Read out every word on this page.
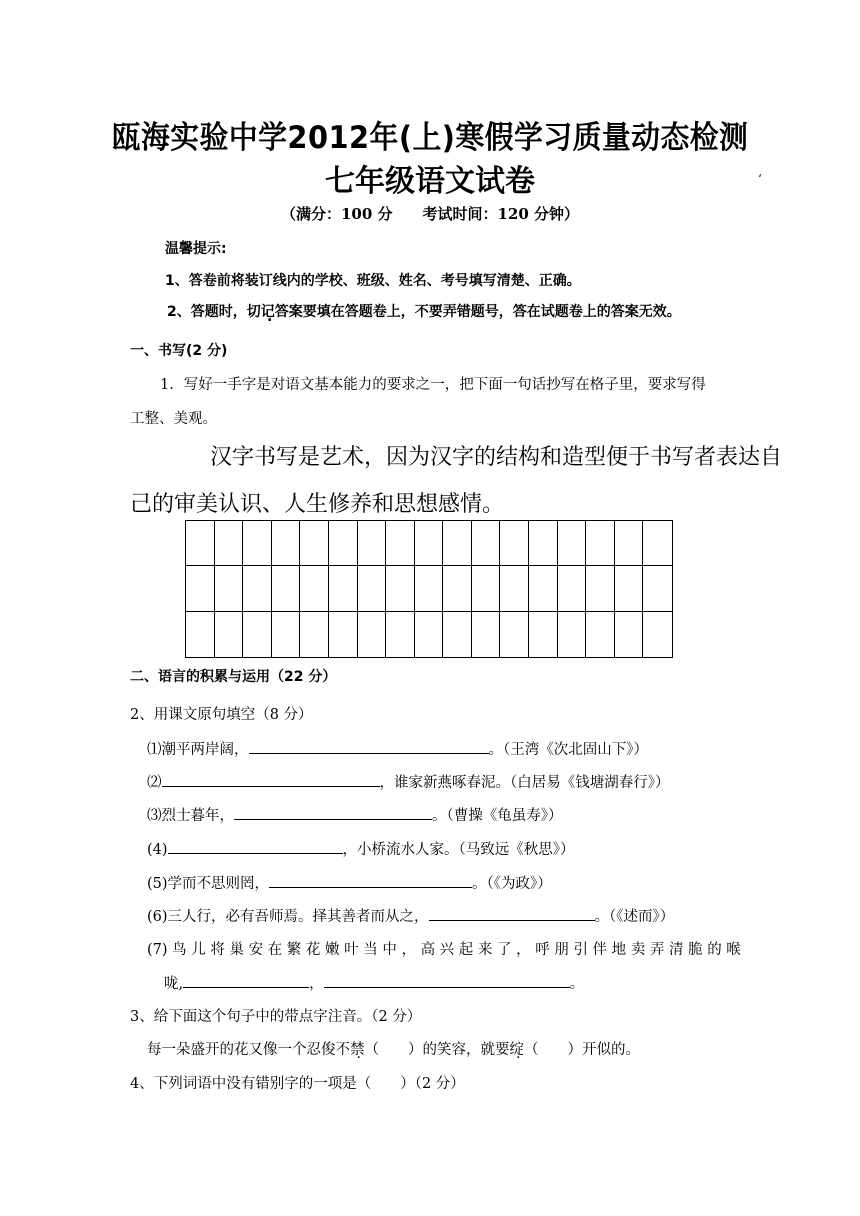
瓯海实验中学2012年(上)寒假学习质量动态检测
七年级语文试卷	‘
（满分：100 分　　考试时间：120 分钟）
温馨提示:
1、答卷前将装订线内的学校、班级、姓名、考号填写清楚、正确。
2、答题时，切记答案要填在答题卷上，不要弄错题号，答在试题卷上的答案无效。
一、书写(2 分)
1．写好一手字是对语文基本能力的要求之一，把下面一句话抄写在格子里，要求写得
工整、美观。
汉字书写是艺术，因为汉字的结构和造型便于书写者表达自
己的审美认识、人生修养和思想感情。
二、语言的积累与运用（22 分）
2、用课文原句填空（8 分）
⑴潮平两岸阔，	。（王湾《次北固山下》）
⑵	，谁家新燕啄春泥。（白居易《钱塘湖春行》）
⑶烈士暮年，	。（曹操《龟虽寿》）
(4)	，小桥流水人家。（马致远《秋思》）
(5)学而不思则罔，	。（《为政》）
(6)三人行，必有吾师焉。择其善者而从之，	。（《述而》）
(7) 鸟 儿 将 巢 安 在 繁 花 嫩 叶 当 中 ， 高 兴 起 来 了 ， 呼 朋 引 伴 地 卖 弄 清 脆 的 喉
咙,	，	。
3、给下面这个句子中的带点字注音。（2 分）
每一朵盛开的花又像一个忍俊不禁（　　）的笑容，就要绽（　　）开似的。
4、下列词语中没有错别字的一项是（　　）（2 分）
